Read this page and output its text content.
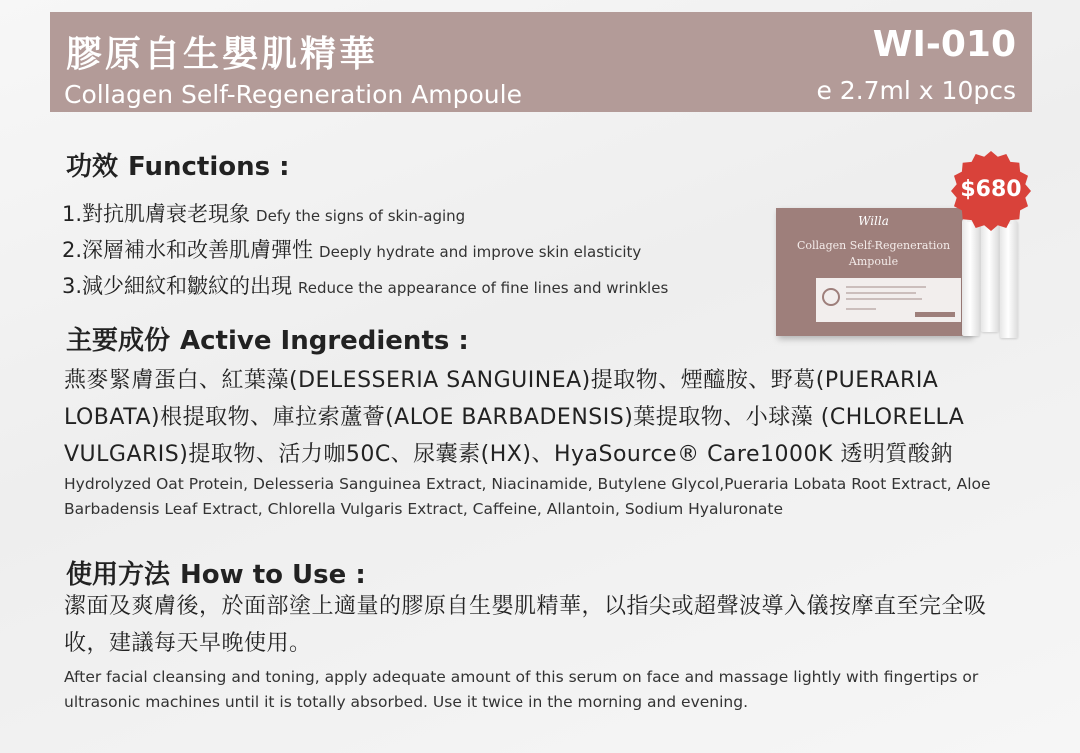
膠原自生嬰肌精華
Collagen Self-Regeneration Ampoule
WI-010
e 2.7ml x 10pcs
功效 Functions :
1.對抗肌膚衰老現象 Defy the signs of skin-aging
2.深層補水和改善肌膚彈性 Deeply hydrate and improve skin elasticity
3.減少細紋和皺紋的出現 Reduce the appearance of fine lines and wrinkles
Willa
Collagen Self-Regeneration
Ampoule
$680
主要成份 Active Ingredients :
燕麥緊膚蛋白、紅葉藻(DELESSERIA SANGUINEA)提取物、煙醯胺、野葛(PUERARIA LOBATA)根提取物、庫拉索蘆薈(ALOE BARBADENSIS)葉提取物、小球藻 (CHLORELLA VULGARIS)提取物、活力咖50C、尿囊素(HX)、HyaSource® Care1000K 透明質酸鈉
Hydrolyzed Oat Protein, Delesseria Sanguinea Extract, Niacinamide, Butylene Glycol,Pueraria Lobata Root Extract, Aloe Barbadensis Leaf Extract, Chlorella Vulgaris Extract, Caffeine, Allantoin, Sodium Hyaluronate
使用方法 How to Use :
潔面及爽膚後，於面部塗上適量的膠原自生嬰肌精華，以指尖或超聲波導入儀按摩直至完全吸收，建議每天早晚使用。
After facial cleansing and toning, apply adequate amount of this serum on face and massage lightly with fingertips or ultrasonic machines until it is totally absorbed. Use it twice in the morning and evening.
